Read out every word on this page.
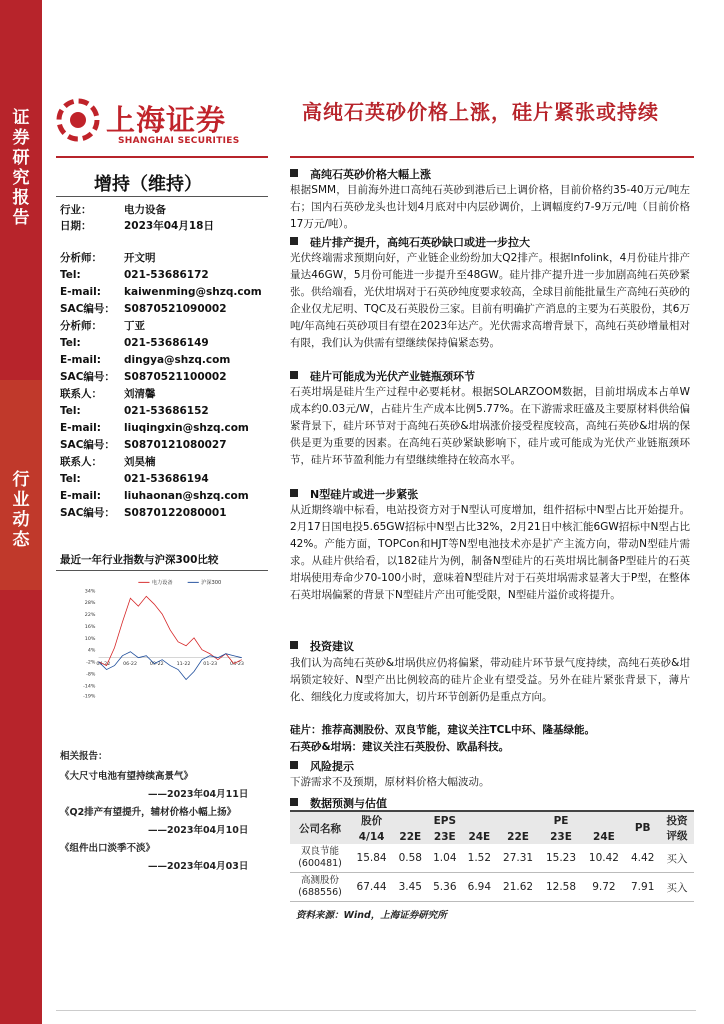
证券研究报告
行业动态
上海证券
SHANGHAI SECURITIES
高纯石英砂价格上涨，硅片紧张或持续
增持（维持）
行业：	电力设备
日期：	2023年04月18日
分析师： 开文明
Tel:	021-53686172
E-mail: kaiwenming@shzq.com
SAC编号： S0870521090002
分析师： 丁亚
Tel:	021-53686149
E-mail: dingya@shzq.com
SAC编号： S0870521100002
联系人： 刘清馨
Tel:	021-53686152
E-mail: liuqingxin@shzq.com
SAC编号： S0870121080027
联系人： 刘昊楠
Tel:	021-53686194
E-mail: liuhaonan@shzq.com
SAC编号： S0870122080001
最近一年行业指数与沪深300比较
34%
28%
22%
16%
10%
4%
-2%
-8%
-14%
-19%
04-22 06-22 09-22 11-22 01-23 04-23
电力设备	沪深300
相关报告：
《大尺寸电池有望持续高景气》
——2023年04月11日
《Q2排产有望提升，辅材价格小幅上扬》
——2023年04月10日
《组件出口淡季不淡》
——2023年04月03日
高纯石英砂价格大幅上涨
根据SMM，目前海外进口高纯石英砂到港后已上调价格，目前价格约35-40万元/吨左右；国内石英砂龙头也计划4月底对中内层砂调价，上调幅度约7-9万元/吨（目前价格17万元/吨）。
硅片排产提升，高纯石英砂缺口或进一步拉大
光伏终端需求预期向好，产业链企业纷纷加大Q2排产。根据Infolink，4月份硅片排产量达46GW，5月份可能进一步提升至48GW。硅片排产提升进一步加剧高纯石英砂紧张。供给端看，光伏坩埚对于石英砂纯度要求较高，全球目前能批量生产高纯石英砂的企业仅尤尼明、TQC及石英股份三家。目前有明确扩产消息的主要为石英股份，其6万吨/年高纯石英砂项目有望在2023年达产。光伏需求高增背景下，高纯石英砂增量相对有限，我们认为供需有望继续保持偏紧态势。
硅片可能成为光伏产业链瓶颈环节
石英坩埚是硅片生产过程中必要耗材。根据SOLARZOOM数据，目前坩埚成本占单W成本约0.03元/W，占硅片生产成本比例5.77%。在下游需求旺盛及主要原材料供给偏紧背景下，硅片环节对于高纯石英砂&坩埚涨价接受程度较高，高纯石英砂&坩埚的保供是更为重要的因素。在高纯石英砂紧缺影响下，硅片或可能成为光伏产业链瓶颈环节，硅片环节盈利能力有望继续维持在较高水平。
N型硅片或进一步紧张
从近期终端中标看，电站投资方对于N型认可度增加，组件招标中N型占比开始提升。2月17日国电投5.65GW招标中N型占比32%，2月21日中核汇能6GW招标中N型占比42%。产能方面，TOPCon和HJT等N型电池技术亦是扩产主流方向，带动N型硅片需求。从硅片供给看，以182硅片为例，制备N型硅片的石英坩埚比制备P型硅片的石英坩埚使用寿命少70-100小时，意味着N型硅片对于石英坩埚需求显著大于P型，在整体石英坩埚偏紧的背景下N型硅片产出可能受限，N型硅片溢价或将提升。
投资建议
我们认为高纯石英砂&坩埚供应仍将偏紧，带动硅片环节景气度持续，高纯石英砂&坩埚锁定较好、N型产出比例较高的硅片企业有望受益。另外在硅片紧张背景下，薄片化、细线化力度或将加大，切片环节创新仍是重点方向。
硅片：推荐高测股份、双良节能，建议关注TCL中环、隆基绿能。
石英砂&坩埚：建议关注石英股份、欧晶科技。
风险提示
下游需求不及预期，原材料价格大幅波动。
数据预测与估值
公司名称	股价	EPS			PE			PB	投资评级
	4/14	22E	23E	24E	22E	23E	24E		

双良节能
(600481)	15.84	0.58	1.04	1.52	27.31	15.23	10.42	4.42	买入

高测股份
(688556)	67.44	3.45	5.36	6.94	21.62	12.58	9.72	7.91	买入
资料来源：Wind，上海证券研究所
